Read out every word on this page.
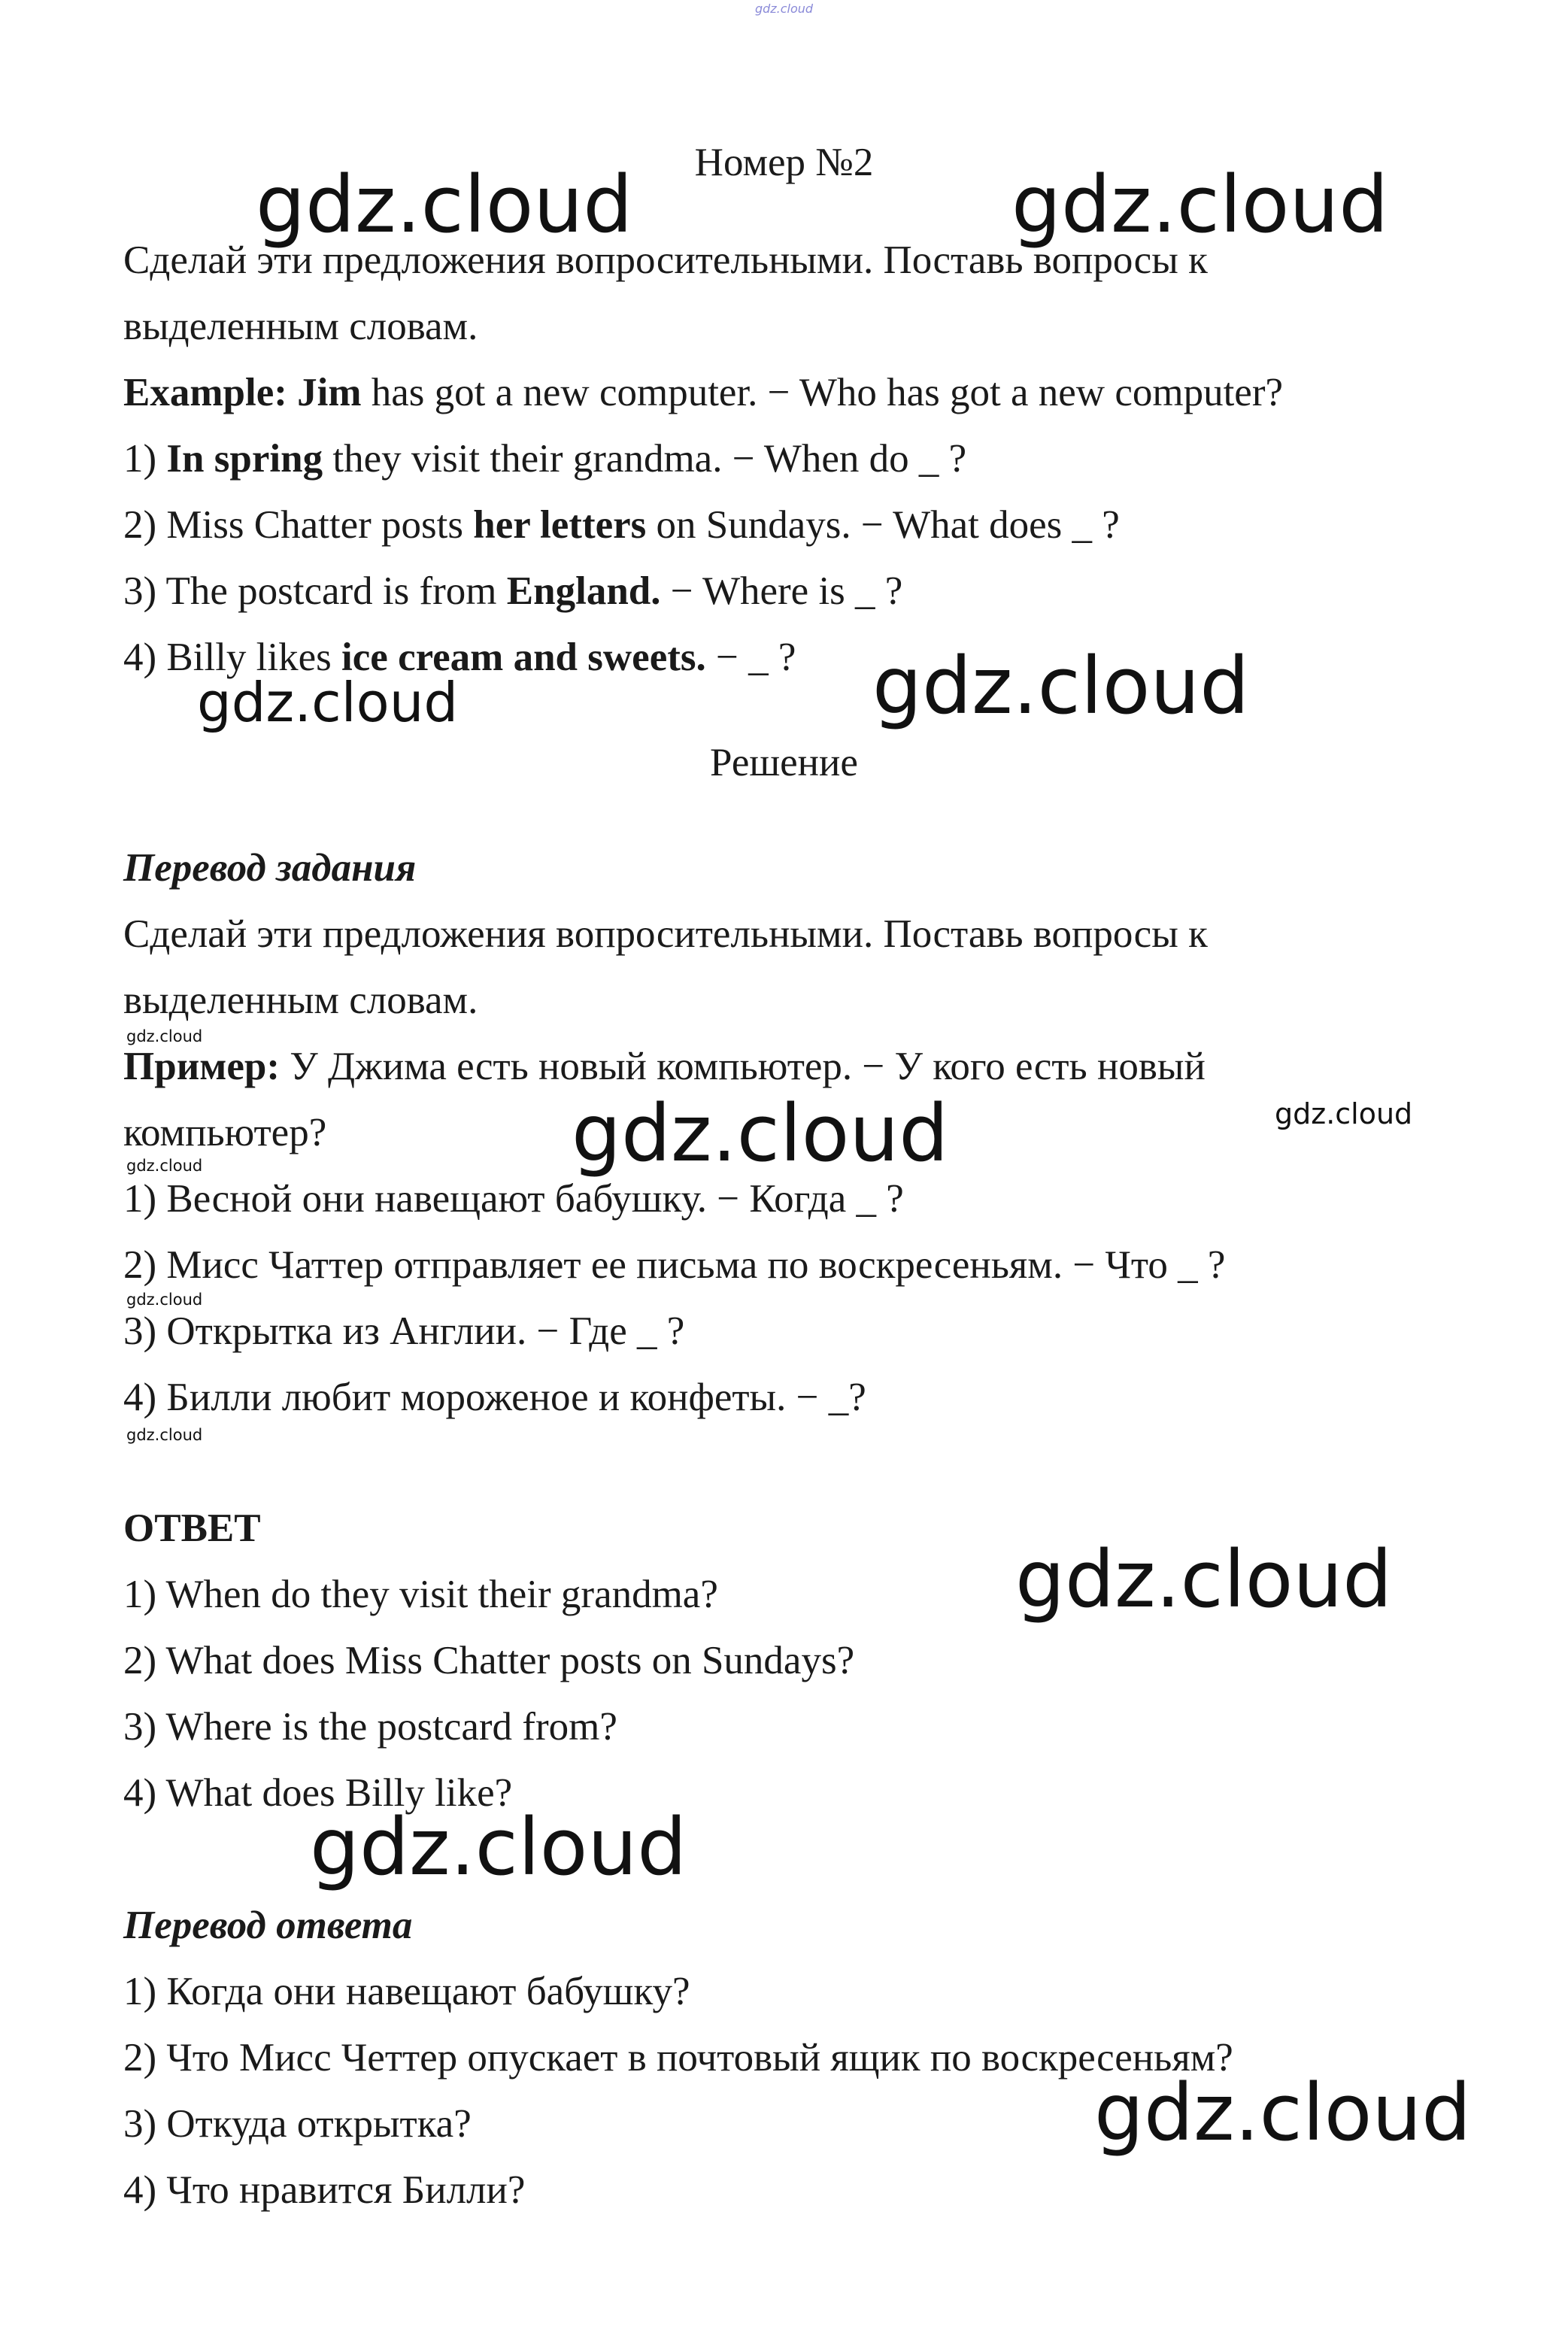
gdz.cloud
Номер №2
Сделай эти предложения вопросительными. Поставь вопросы к
выделенным словам.
Example: Jim has got a new computer. − Who has got a new computer?
1) In spring they visit their grandma. − When do _ ?
2) Miss Chatter posts her letters on Sundays. − What does _ ?
3) The postcard is from England. − Where is _ ?
4) Billy likes ice cream and sweets. − _ ?
Решение
Перевод задания
Сделай эти предложения вопросительными. Поставь вопросы к
выделенным словам.
Пример: У Джима есть новый компьютер. − У кого есть новый
компьютер?
1) Весной они навещают бабушку. − Когда _ ?
2) Мисс Чаттер отправляет ее письма по воскресеньям. − Что _ ?
3) Открытка из Англии. − Где _ ?
4) Билли любит мороженое и конфеты. − _?
ОТВЕТ
1) When do they visit their grandma?
2) What does Miss Chatter posts on Sundays?
3) Where is the postcard from?
4) What does Billy like?
Перевод ответа
1) Когда они навещают бабушку?
2) Что Мисс Четтер опускает в почтовый ящик по воскресеньям?
3) Откуда открытка?
4) Что нравится Билли?
gdz.cloud	gdz.cloud
gdz.cloud	gdz.cloud
gdz.cloud
gdz.cloud	gdz.cloud
gdz.cloud
gdz.cloud
gdz.cloud
gdz.cloud
gdz.cloud
gdz.cloud
